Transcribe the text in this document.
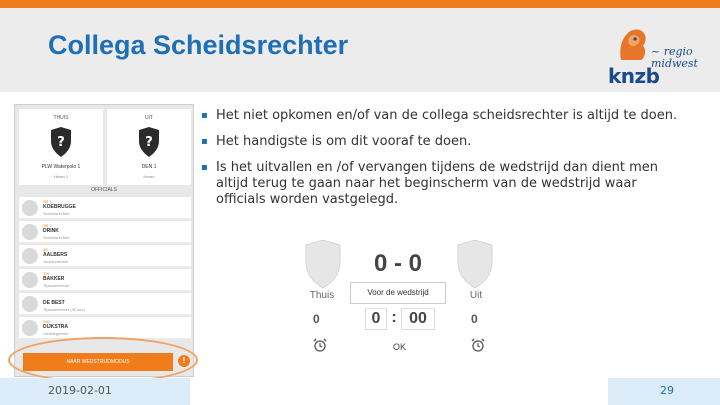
Collega Scheidsrechter	~ regio
midwest
knzb
THUIS
?
PLW Waterpolo 1
Heren 1
UIT
?
DEN 1
Heren
OFFICIALS
SR 1
KOEBRUGGE
Scheidsrechter
SR 2
DRINK
Scheidsrechter
JS
AALBERS
Jurysecretaris
TW
BAKKER
Tijdwaarnemer
DE BEST
Tijdwaarnemer (30 sec)
GW
DIJKSTRA
Gedelegeerde
NAAR WEDSTRIJDMODUS	!
▪ Het niet opkomen en/of van de collega scheidsrechter is altijd te doen.
▪ Het handigste is om dit vooraf te doen.
▪ Is het uitvallen en /of vervangen tijdens de wedstrijd dan dient men altijd terug te gaan naar het beginscherm van de wedstrijd waar officials worden vastgelegd.
0 - 0
Thuis	Uit
Voor de wedstrijd
0	0
0 : 00
OK
2019-02-01	29
